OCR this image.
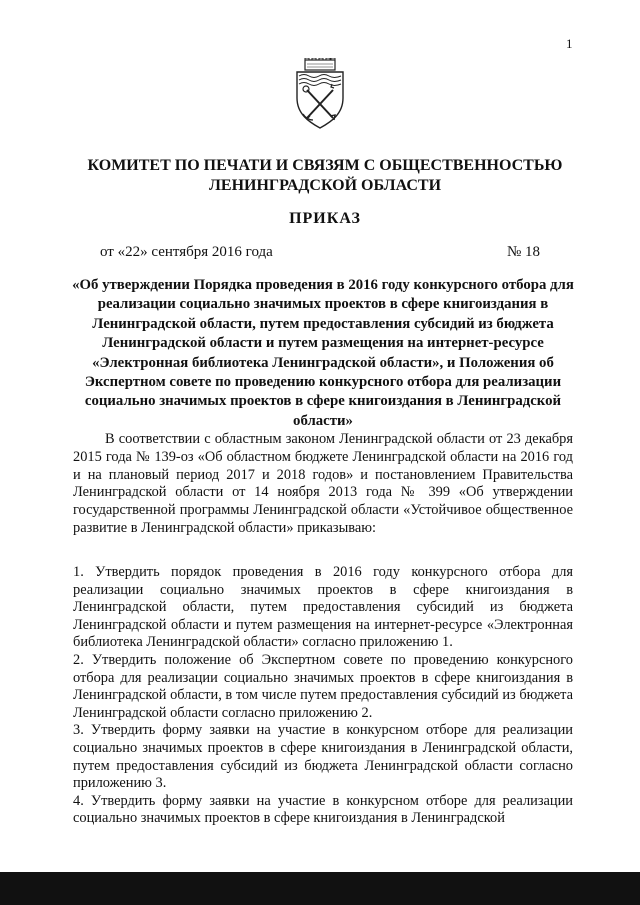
1
КОМИТЕТ ПО ПЕЧАТИ И СВЯЗЯМ С ОБЩЕСТВЕННОСТЬЮ
ЛЕНИНГРАДСКОЙ ОБЛАСТИ
ПРИКАЗ
от «22» сентября 2016 года	№ 18
«Об утверждении Порядка проведения в 2016 году конкурсного отбора для реализации социально значимых проектов в сфере книгоиздания в Ленинградской области, путем предоставления субсидий из бюджета Ленинградской области и путем размещения на интернет-ресурсе «Электронная библиотека Ленинградской области», и Положения об Экспертном совете по проведению конкурсного отбора для реализации социально значимых проектов в сфере книгоиздания в Ленинградской области»
В соответствии с областным законом Ленинградской области от 23 декабря 2015 года № 139-оз «Об областном бюджете Ленинградской области на 2016 год и на плановый период 2017 и 2018 годов» и постановлением Правительства Ленинградской области от 14 ноября 2013 года № 399 «Об утверждении государственной программы Ленинградской области «Устойчивое общественное развитие в Ленинградской области» приказываю:

1. Утвердить порядок проведения в 2016 году конкурсного отбора для реализации социально значимых проектов в сфере книгоиздания в Ленинградской области, путем предоставления субсидий из бюджета Ленинградской области и путем размещения на интернет-ресурсе «Электронная библиотека Ленинградской области» согласно приложению 1.

2. Утвердить положение об Экспертном совете по проведению конкурсного отбора для реализации социально значимых проектов в сфере книгоиздания в Ленинградской области, в том числе путем предоставления субсидий из бюджета Ленинградской области согласно приложению 2.

3. Утвердить форму заявки на участие в конкурсном отборе для реализации социально значимых проектов в сфере книгоиздания в Ленинградской области, путем предоставления субсидий из бюджета Ленинградской области согласно приложению 3.

4. Утвердить форму заявки на участие в конкурсном отборе для реализации социально значимых проектов в сфере книгоиздания в Ленинградской
